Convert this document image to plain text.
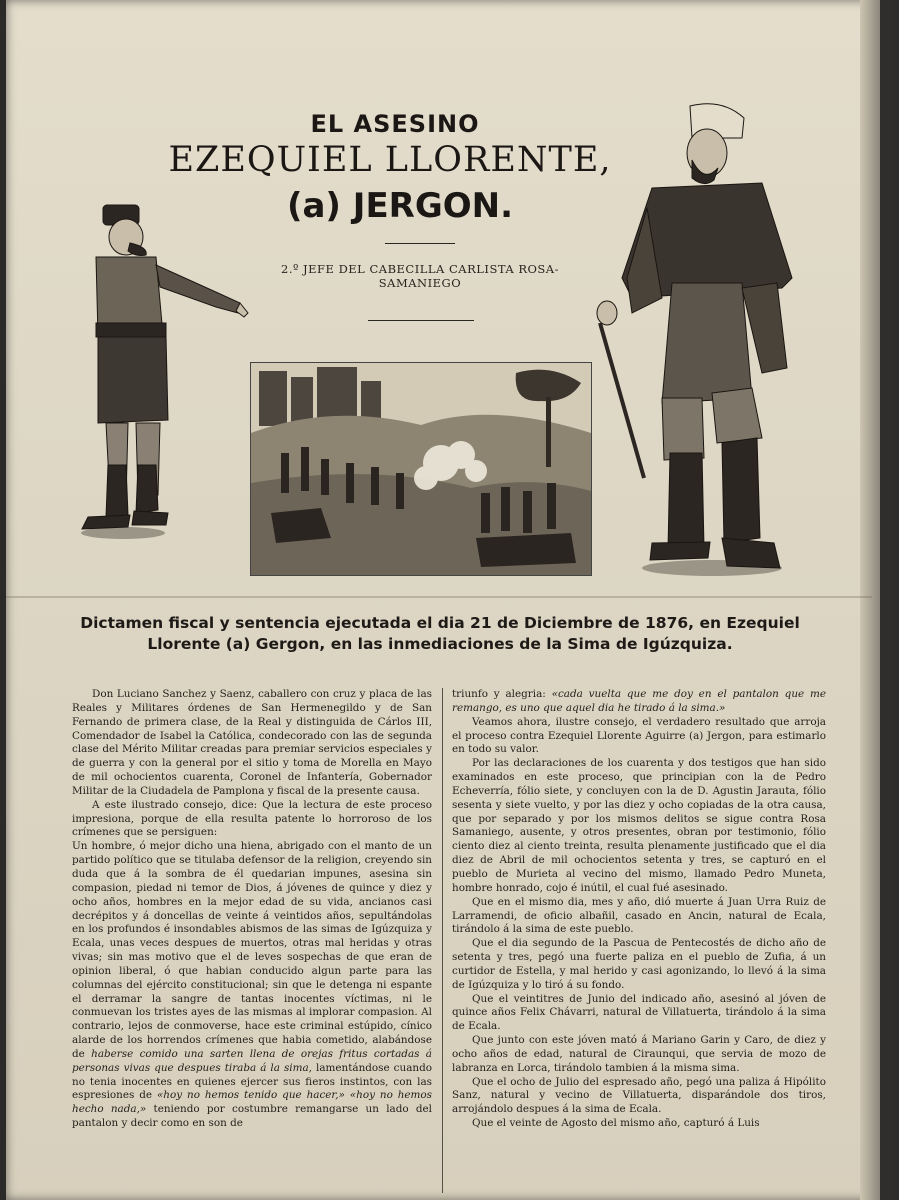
EL ASESINO
EZEQUIEL LLORENTE,
(a) JERGON.
2.º JEFE DEL CABECILLA CARLISTA ROSA-SAMANIEGO
Dictamen fiscal y sentencia ejecutada el dia 21 de Diciembre de 1876, en Ezequiel
Llorente (a) Gergon, en las inmediaciones de la Sima de Igúzquiza.

Don Luciano Sanchez y Saenz, caballero con cruz y placa de las Reales y Militares órdenes de San Hermenegildo y de San Fernando de primera clase, de la Real y distinguida de Cárlos III, Comendador de Isabel la Católica, condecorado con las de segunda clase del Mérito Militar creadas para premiar servicios especiales y de guerra y con la general por el sitio y toma de Morella en Mayo de mil ochocientos cuarenta, Coronel de Infantería, Gobernador Militar de la Ciudadela de Pamplona y fiscal de la presente causa.

A este ilustrado consejo, dice: Que la lectura de este proceso impresiona, porque de ella resulta patente lo horroroso de los crímenes que se persiguen:

Un hombre, ó mejor dicho una hiena, abrigado con el manto de un partido político que se titulaba defensor de la religion, creyendo sin duda que á la sombra de él quedarian impunes, asesina sin compasion, piedad ni temor de Dios, á jóvenes de quince y diez y ocho años, hombres en la mejor edad de su vida, ancianos casi decrépitos y á doncellas de veinte á veintidos años, sepultándolas en los profundos é insondables abismos de las simas de Igúzquiza y Ecala, unas veces despues de muertos, otras mal heridas y otras vivas; sin mas motivo que el de leves sospechas de que eran de opinion liberal, ó que habian conducido algun parte para las columnas del ejército constitucional; sin que le detenga ni espante el derramar la sangre de tantas inocentes víctimas, ni le conmuevan los tristes ayes de las mismas al implorar compasion. Al contrario, lejos de conmoverse, hace este criminal estúpido, cínico alarde de los horrendos crímenes que habia cometido, alabándose de haberse comido una sarten llena de orejas fritus cortadas á personas vivas que despues tiraba á la sima, lamentándose cuando no tenia inocentes en quienes ejercer sus fieros instintos, con las espresiones de «hoy no hemos tenido que hacer,» «hoy no hemos hecho nada,» teniendo por costumbre remangarse un lado del pantalon y decir como en son de

triunfo y alegria: «cada vuelta que me doy en el pantalon que me remango, es uno que aquel dia he tirado á la sima.»

Veamos ahora, ilustre consejo, el verdadero resultado que arroja el proceso contra Ezequiel Llorente Aguirre (a) Jergon, para estimarlo en todo su valor.

Por las declaraciones de los cuarenta y dos testigos que han sido examinados en este proceso, que principian con la de Pedro Echeverría, fólio siete, y concluyen con la de D. Agustin Jarauta, fólio sesenta y siete vuelto, y por las diez y ocho copiadas de la otra causa, que por separado y por los mismos delitos se sigue contra Rosa Samaniego, ausente, y otros presentes, obran por testimonio, fólio ciento diez al ciento treinta, resulta plenamente justificado que el dia diez de Abril de mil ochocientos setenta y tres, se capturó en el pueblo de Murieta al vecino del mismo, llamado Pedro Muneta, hombre honrado, cojo é inútil, el cual fué asesinado.

Que en el mismo dia, mes y año, dió muerte á Juan Urra Ruiz de Larramendi, de oficio albañil, casado en Ancin, natural de Ecala, tirándolo á la sima de este pueblo.

Que el dia segundo de la Pascua de Pentecostés de dicho año de setenta y tres, pegó una fuerte paliza en el pueblo de Zufia, á un curtidor de Estella, y mal herido y casi agonizando, lo llevó á la sima de Igúzquiza y lo tiró á su fondo.

Que el veintitres de Junio del indicado año, asesinó al jóven de quince años Felix Chávarri, natural de Villatuerta, tirándolo á la sima de Ecala.

Que junto con este jóven mató á Mariano Garin y Caro, de diez y ocho años de edad, natural de Ciraunqui, que servia de mozo de labranza en Lorca, tirándolo tambien á la misma sima.

Que el ocho de Julio del espresado año, pegó una paliza á Hipólito Sanz, natural y vecino de Villatuerta, disparándole dos tiros, arrojándolo despues á la sima de Ecala.

Que el veinte de Agosto del mismo año, capturó á Luis
